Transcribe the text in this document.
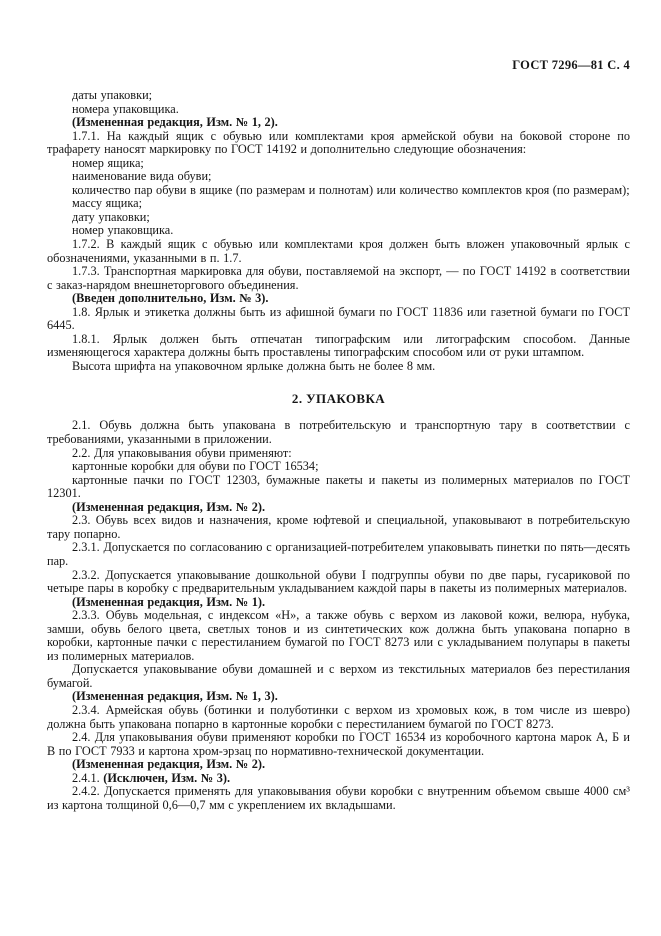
ГОСТ 7296—81 С. 4

даты упаковки;

номера упаковщика.

(Измененная редакция, Изм. № 1, 2).

1.7.1. На каждый ящик с обувью или комплектами кроя армейской обуви на боковой стороне по трафарету наносят маркировку по ГОСТ 14192 и дополнительно следующие обозначения:

номер ящика;

наименование вида обуви;

количество пар обуви в ящике (по размерам и полнотам) или количество комплектов кроя (по размерам);

массу ящика;

дату упаковки;

номер упаковщика.

1.7.2. В каждый ящик с обувью или комплектами кроя должен быть вложен упаковочный ярлык с обозначениями, указанными в п. 1.7.

1.7.3. Транспортная маркировка для обуви, поставляемой на экспорт, — по ГОСТ 14192 в соответствии с заказ-нарядом внешнеторгового объединения.

(Введен дополнительно, Изм. № 3).

1.8. Ярлык и этикетка должны быть из афишной бумаги по ГОСТ 11836 или газетной бумаги по ГОСТ 6445.

1.8.1. Ярлык должен быть отпечатан типографским или литографским способом. Данные изменяющегося характера должны быть проставлены типографским способом или от руки штампом.

Высота шрифта на упаковочном ярлыке должна быть не более 8 мм.

2. УПАКОВКА

2.1. Обувь должна быть упакована в потребительскую и транспортную тару в соответствии с требованиями, указанными в приложении.

2.2. Для упаковывания обуви применяют:

картонные коробки для обуви по ГОСТ 16534;

картонные пачки по ГОСТ 12303, бумажные пакеты и пакеты из полимерных материалов по ГОСТ 12301.

(Измененная редакция, Изм. № 2).

2.3. Обувь всех видов и назначения, кроме юфтевой и специальной, упаковывают в потребительскую тару попарно.

2.3.1. Допускается по согласованию с организацией-потребителем упаковывать пинетки по пять—десять пар.

2.3.2. Допускается упаковывание дошкольной обуви I подгруппы обуви по две пары, гусариковой по четыре пары в коробку с предварительным укладыванием каждой пары в пакеты из полимерных материалов.

(Измененная редакция, Изм. № 1).

2.3.3. Обувь модельная, с индексом «Н», а также обувь с верхом из лаковой кожи, велюра, нубука, замши, обувь белого цвета, светлых тонов и из синтетических кож должна быть упакована попарно в коробки, картонные пачки с перестиланием бумагой по ГОСТ 8273 или с укладыванием полупары в пакеты из полимерных материалов.

Допускается упаковывание обуви домашней и с верхом из текстильных материалов без перестилания бумагой.

(Измененная редакция, Изм. № 1, 3).

2.3.4. Армейская обувь (ботинки и полуботинки с верхом из хромовых кож, в том числе из шевро) должна быть упакована попарно в картонные коробки с перестиланием бумагой по ГОСТ 8273.

2.4. Для упаковывания обуви применяют коробки по ГОСТ 16534 из коробочного картона марок А, Б и В по ГОСТ 7933 и картона хром-эрзац по нормативно-технической документации.

(Измененная редакция, Изм. № 2).

2.4.1. (Исключен, Изм. № 3).

2.4.2. Допускается применять для упаковывания обуви коробки с внутренним объемом свыше 4000 см³ из картона толщиной 0,6—0,7 мм с укреплением их вкладышами.
